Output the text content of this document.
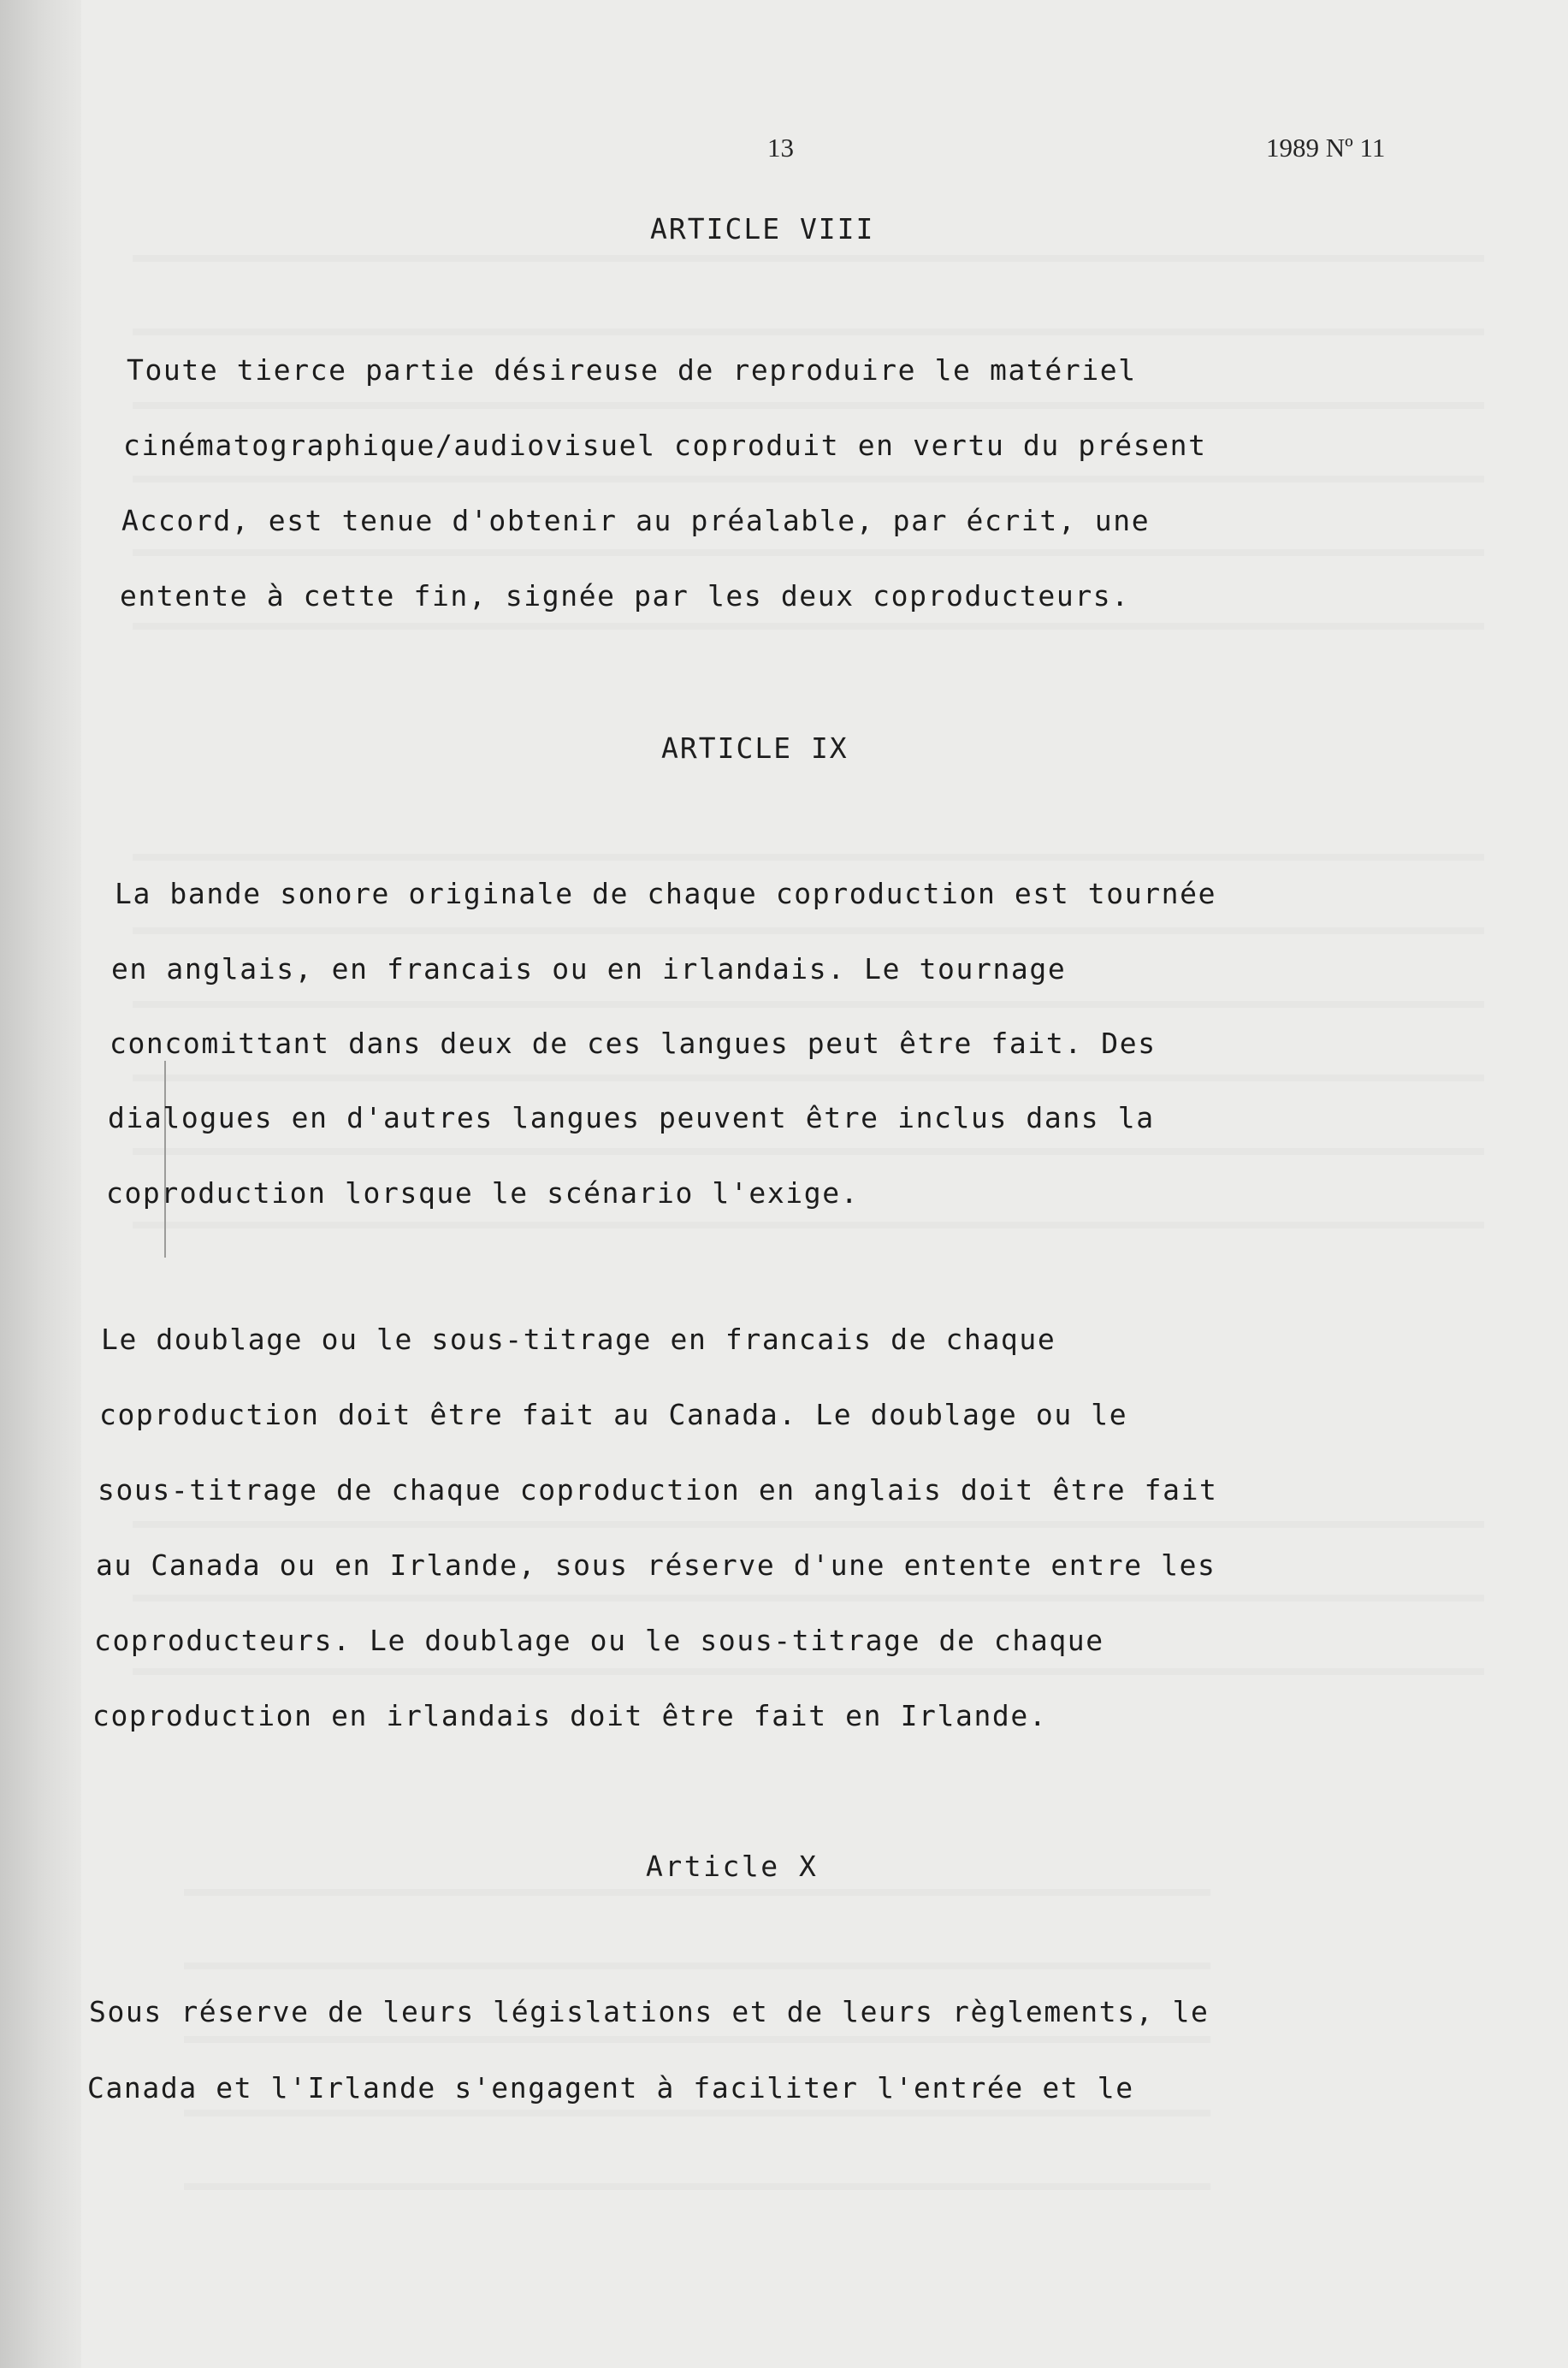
13	1989 Nº 11
ARTICLE VIII
Toute tierce partie désireuse de reproduire le matériel
cinématographique/audiovisuel coproduit en vertu du présent
Accord, est tenue d'obtenir au préalable, par écrit, une
entente à cette fin, signée par les deux coproducteurs.
ARTICLE IX
La bande sonore originale de chaque coproduction est tournée
en anglais, en francais ou en irlandais. Le tournage
concomittant dans deux de ces langues peut être fait. Des
dialogues en d'autres langues peuvent être inclus dans la
coproduction lorsque le scénario l'exige.
Le doublage ou le sous-titrage en francais de chaque
coproduction doit être fait au Canada. Le doublage ou le
sous-titrage de chaque coproduction en anglais doit être fait
au Canada ou en Irlande, sous réserve d'une entente entre les
coproducteurs. Le doublage ou le sous-titrage de chaque
coproduction en irlandais doit être fait en Irlande.
Article X
Sous réserve de leurs législations et de leurs règlements, le
Canada et l'Irlande s'engagent à faciliter l'entrée et le
